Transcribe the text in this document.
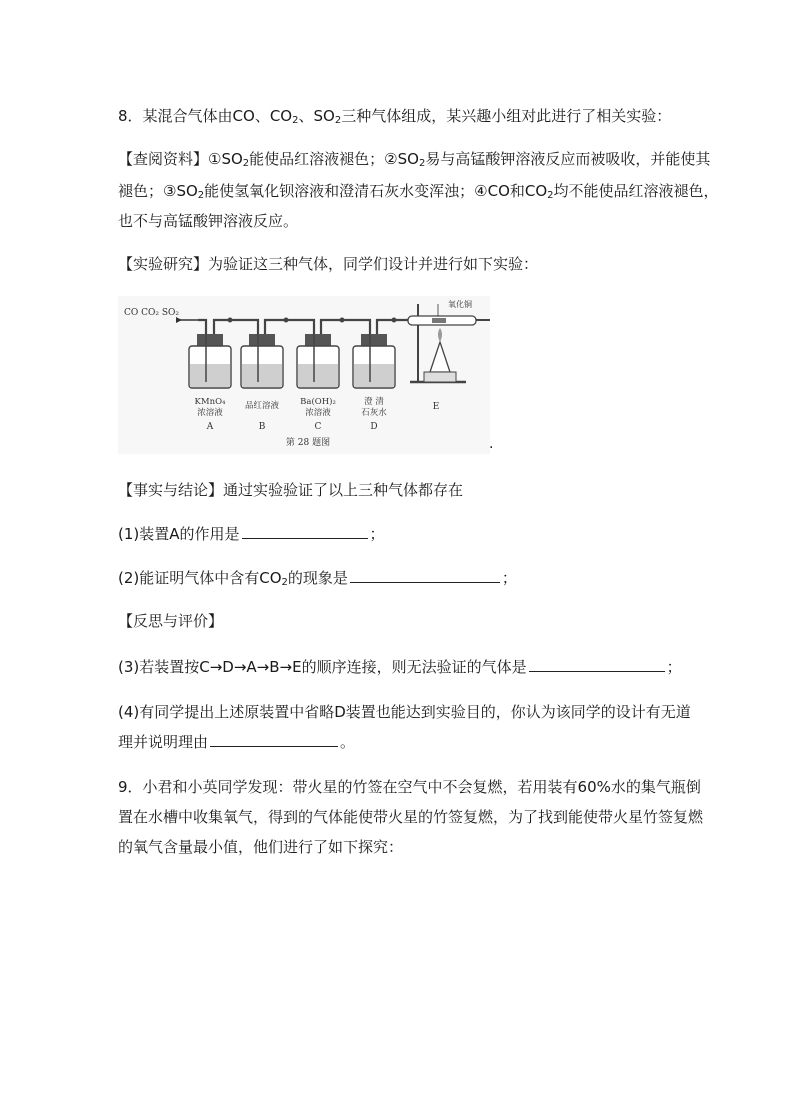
8．某混合气体由CO、$CO_2$、$SO_2$三种气体组成，某兴趣小组对此进行了相关实验：
【查阅资料】$①SO_2$能使品红溶液褪色；$②SO_2$易与高锰酸钾溶液反应而被吸收，并能使其
褪色；$③SO_2$能使氢氧化钡溶液和澄清石灰水变浑浊；④CO和$CO_2$均不能使品红溶液褪色，
也不与高锰酸钾溶液反应。
【实验研究】为验证这三种气体，同学们设计并进行如下实验：
CO CO₂ SO₂
氧化铜
KMnO₄
浓溶液
品红溶液 Ba(OH)₂
浓溶液
澄 清
石灰水
A	B	C	D
E
第 28 题图	.
【事实与结论】通过实验验证了以上三种气体都存在
(1)装置A的作用是	；
(2)能证明气体中含有$CO_2$的现象是	；
【反思与评价】
(3)若装置按C→D→A→B→E的顺序连接，则无法验证的气体是	；
(4)有同学提出上述原装置中省略D装置也能达到实验目的，你认为该同学的设计有无道
理并说明理由	。
9．小君和小英同学发现：带火星的竹签在空气中不会复燃，若用装有60%水的集气瓶倒
置在水槽中收集氧气，得到的气体能使带火星的竹签复燃，为了找到能使带火星竹签复燃
的氧气含量最小值，他们进行了如下探究：
